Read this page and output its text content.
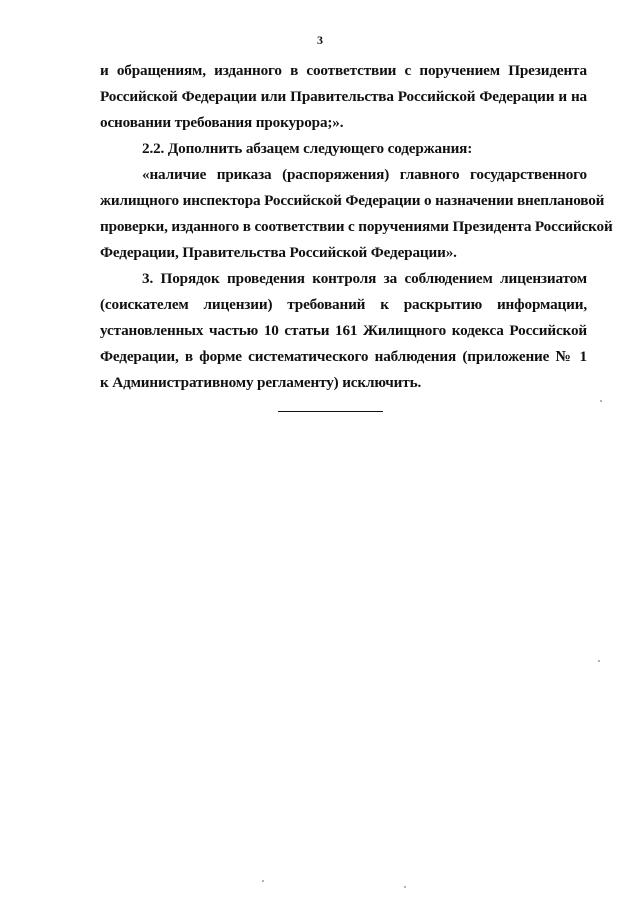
3

и обращениям, изданного в соответствии с поручением Президента
Российской Федерации или Правительства Российской Федерации и на
основании требования прокурора;».

2.2. Дополнить абзацем следующего содержания:

«наличие приказа (распоряжения) главного государственного
жилищного инспектора Российской Федерации о назначении внеплановой
проверки, изданного в соответствии с поручениями Президента Российской
Федерации, Правительства Российской Федерации».

3. Порядок проведения контроля за соблюдением лицензиатом
(соискателем лицензии) требований к раскрытию информации,
установленных частью 10 статьи 161 Жилищного кодекса Российской
Федерации, в форме систематического наблюдения (приложение № 1
к Административному регламенту) исключить.
